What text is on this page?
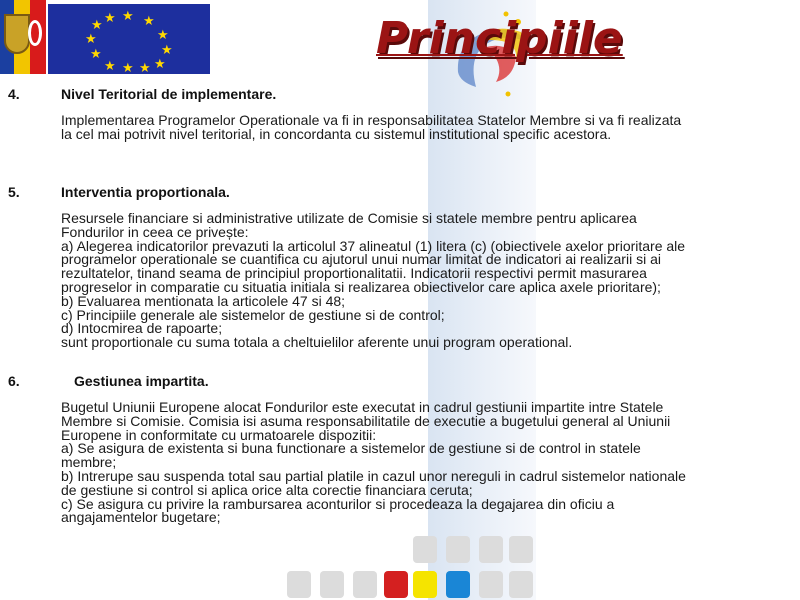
★ ★
★
★
★
★
★
★
★
★
★ ★	Principiile
4.	Nivel Teritorial de implementare.
Implementarea Programelor Operationale va fi in responsabilitatea Statelor Membre si va fi realizata
la cel mai potrivit nivel teritorial, in concordanta cu sistemul institutional specific acestora.
5.	Interventia proportionala.
Resursele financiare si administrative utilizate de Comisie si statele membre pentru aplicarea
Fondurilor in ceea ce privește:
a) Alegerea indicatorilor prevazuti la articolul 37 alineatul (1) litera (c) (obiectivele axelor prioritare ale
programelor operationale se cuantifica cu ajutorul unui numar limitat de indicatori ai realizarii si ai
rezultatelor, tinand seama de principiul proportionalitatii. Indicatorii respectivi permit masurarea
progreselor in comparatie cu situatia initiala si realizarea obiectivelor care aplica axele prioritare);
b) Evaluarea mentionata la articolele 47 si 48;
c) Principiile generale ale sistemelor de gestiune si de control;
d) Intocmirea de rapoarte;
sunt proportionale cu suma totala a cheltuielilor aferente unui program operational.
6.	Gestiunea impartita.
Bugetul Uniunii Europene alocat Fondurilor este executat in cadrul gestiunii impartite intre Statele
Membre si Comisie. Comisia isi asuma responsabilitatile de executie a bugetului general al Uniunii
Europene in conformitate cu urmatoarele dispozitii:
a) Se asigura de existenta si buna functionare a sistemelor de gestiune si de control in statele
membre;
b) Intrerupe sau suspenda total sau partial platile in cazul unor nereguli in cadrul sistemelor nationale
de gestiune si control si aplica orice alta corectie financiara ceruta;
c) Se asigura cu privire la rambursarea aconturilor si procedeaza la degajarea din oficiu a
angajamentelor bugetare;
